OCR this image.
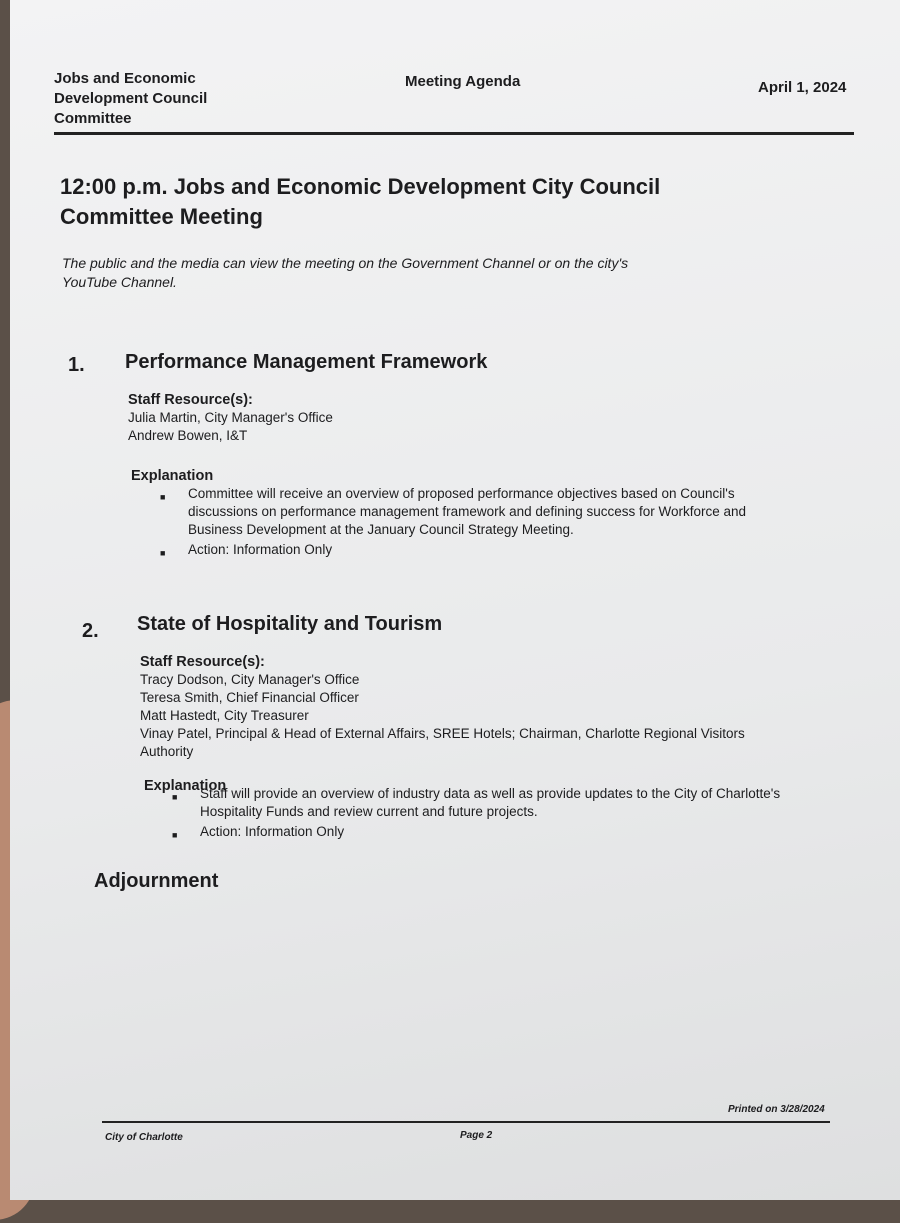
Jobs and Economic
Development Council
Committee
Meeting Agenda	April 1, 2024
12:00 p.m. Jobs and Economic Development City Council
Committee Meeting
The public and the media can view the meeting on the Government Channel or on the city's
YouTube Channel.
1. Performance Management Framework
Staff Resource(s):
Julia Martin, City Manager's Office
Andrew Bowen, I&T
Explanation
■	Committee will receive an overview of proposed performance objectives based on Council's discussions on performance management framework and defining success for Workforce and Business Development at the January Council Strategy Meeting.
■	Action: Information Only
2. State of Hospitality and Tourism
Staff Resource(s):
Tracy Dodson, City Manager's Office
Teresa Smith, Chief Financial Officer
Matt Hastedt, City Treasurer
Vinay Patel, Principal & Head of External Affairs, SREE Hotels; Chairman, Charlotte Regional Visitors Authority
Explanation
■	Staff will provide an overview of industry data as well as provide updates to the City of Charlotte's Hospitality Funds and review current and future projects.
■	Action: Information Only
Adjournment
Printed on 3/28/2024
City of Charlotte	Page 2
